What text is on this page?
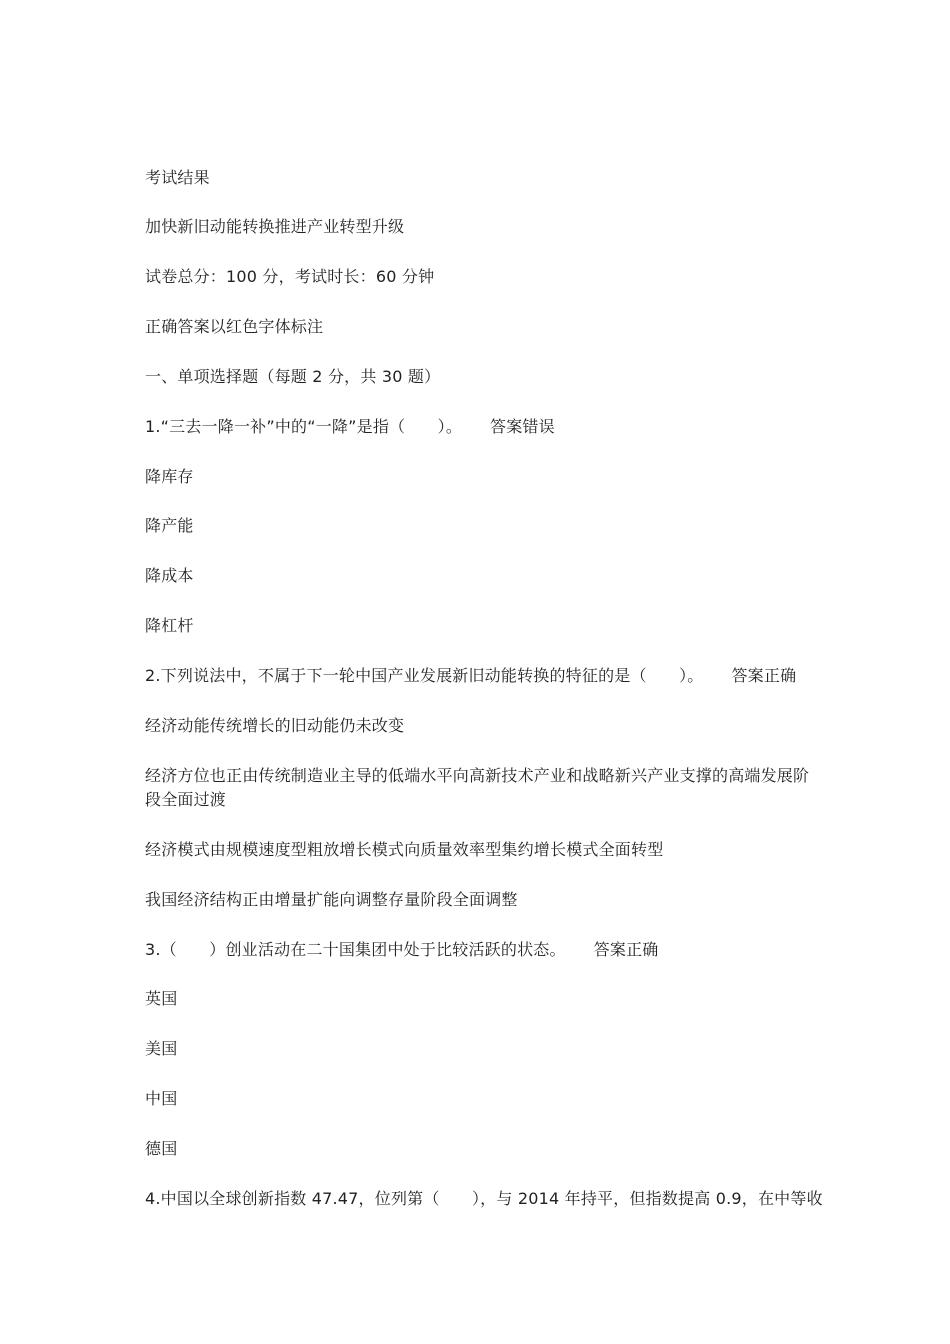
考试结果
加快新旧动能转换推进产业转型升级
试卷总分：100 分，考试时长：60 分钟
正确答案以红色字体标注
一、单项选择题（每题 2 分，共 30 题）
1.“三去一降一补”中的“一降”是指（　　）。 答案错误
降库存
降产能
降成本
降杠杆
2.下列说法中，不属于下一轮中国产业发展新旧动能转换的特征的是（　　）。 答案正确
经济动能传统增长的旧动能仍未改变
经济方位也正由传统制造业主导的低端水平向高新技术产业和战略新兴产业支撑的高端发展阶段全面过渡
经济模式由规模速度型粗放增长模式向质量效率型集约增长模式全面转型
我国经济结构正由增量扩能向调整存量阶段全面调整
3.（　　）创业活动在二十国集团中处于比较活跃的状态。 答案正确
英国
美国
中国
德国
4.中国以全球创新指数 47.47，位列第（　　），与 2014 年持平，但指数提高 0.9，在中等收
